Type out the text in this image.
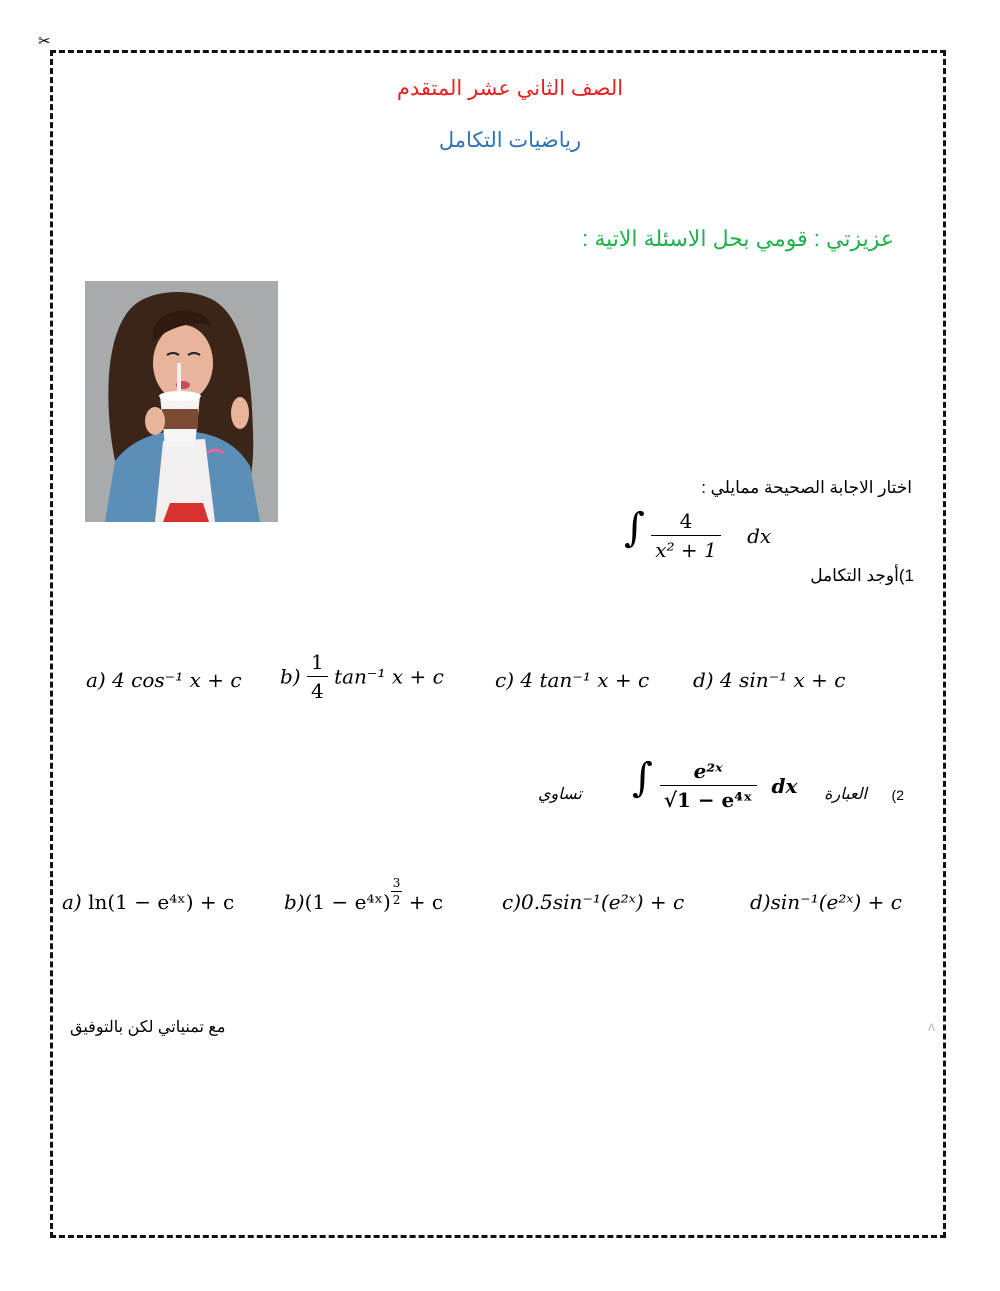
✂
الصف الثاني عشر المتقدم
رياضيات التكامل
عزيزتي : قومي بحل الاسئلة الاتية :
اختار الاجابة الصحيحة ممايلي :
∫ $\frac{4}{\text{x² + 1}}$ dx
1)أوجد التكامل
a) 4 cos⁻¹ x + c $b) \frac{1}{4} \tan^{-1}$ x + c	c) 4 tan⁻¹ x + c d) 4 sin⁻¹ x + c
2)
العبارة
تساوي ∫ $\frac{\text{e²ˣ}}{\text{√1 − e⁴ˣ}}$ dx
a) ln(1 − e⁴ˣ) + c b)(1 − e⁴ˣ) $\frac{3}{2} + c$	c)0.5sin⁻¹(e²ˣ) + c	d)sin⁻¹(e²ˣ) + c
مع تمنياتي لكن بالتوفيق	ʌ
